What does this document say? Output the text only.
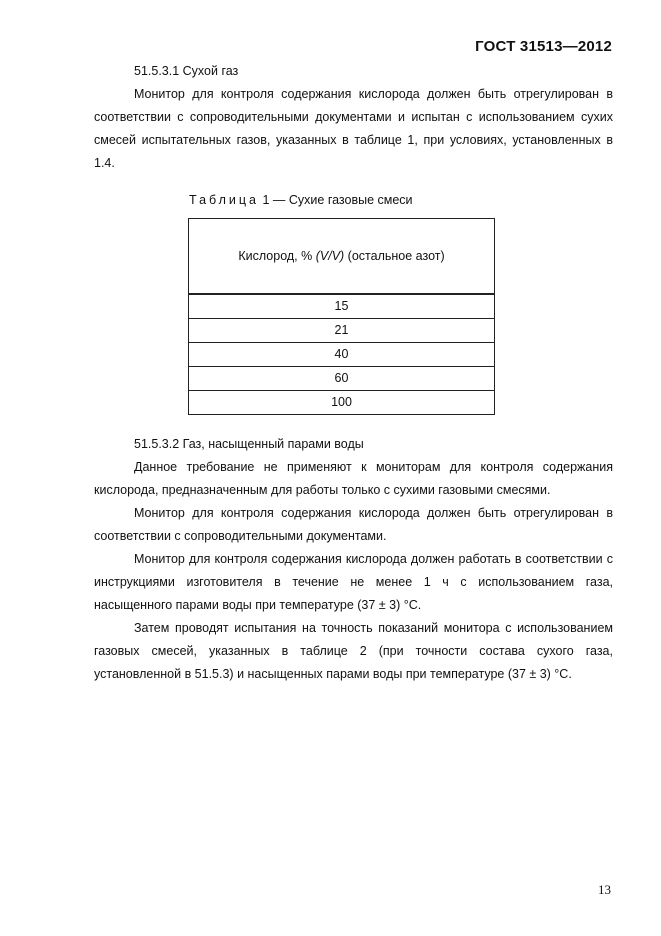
ГОСТ 31513—2012

51.5.3.1 Сухой газ

Монитор для контроля содержания кислорода должен быть отрегулирован в соответствии с сопроводительными документами и испытан с использованием сухих смесей испытательных газов, указанных в таблице 1, при условиях, установленных в 1.4.

Таблица 1 — Сухие газовые смеси
Кислород, % (V/V) (остальное азот)
15
21
40
60
100

51.5.3.2 Газ, насыщенный парами воды

Данное требование не применяют к мониторам для контроля содержания кислорода, предназначенным для работы только с сухими газовыми смесями.

Монитор для контроля содержания кислорода должен быть отрегулирован в соответствии с сопроводительными документами.

Монитор для контроля содержания кислорода должен работать в соответствии с инструкциями изготовителя в течение не менее 1 ч с использованием газа, насыщенного парами воды при температуре (37 ± 3) °С.

Затем проводят испытания на точность показаний монитора с использованием газовых смесей, указанных в таблице 2 (при точности состава сухого газа, установленной в 51.5.3) и насыщенных парами воды при температуре (37 ± 3) °С.

13
